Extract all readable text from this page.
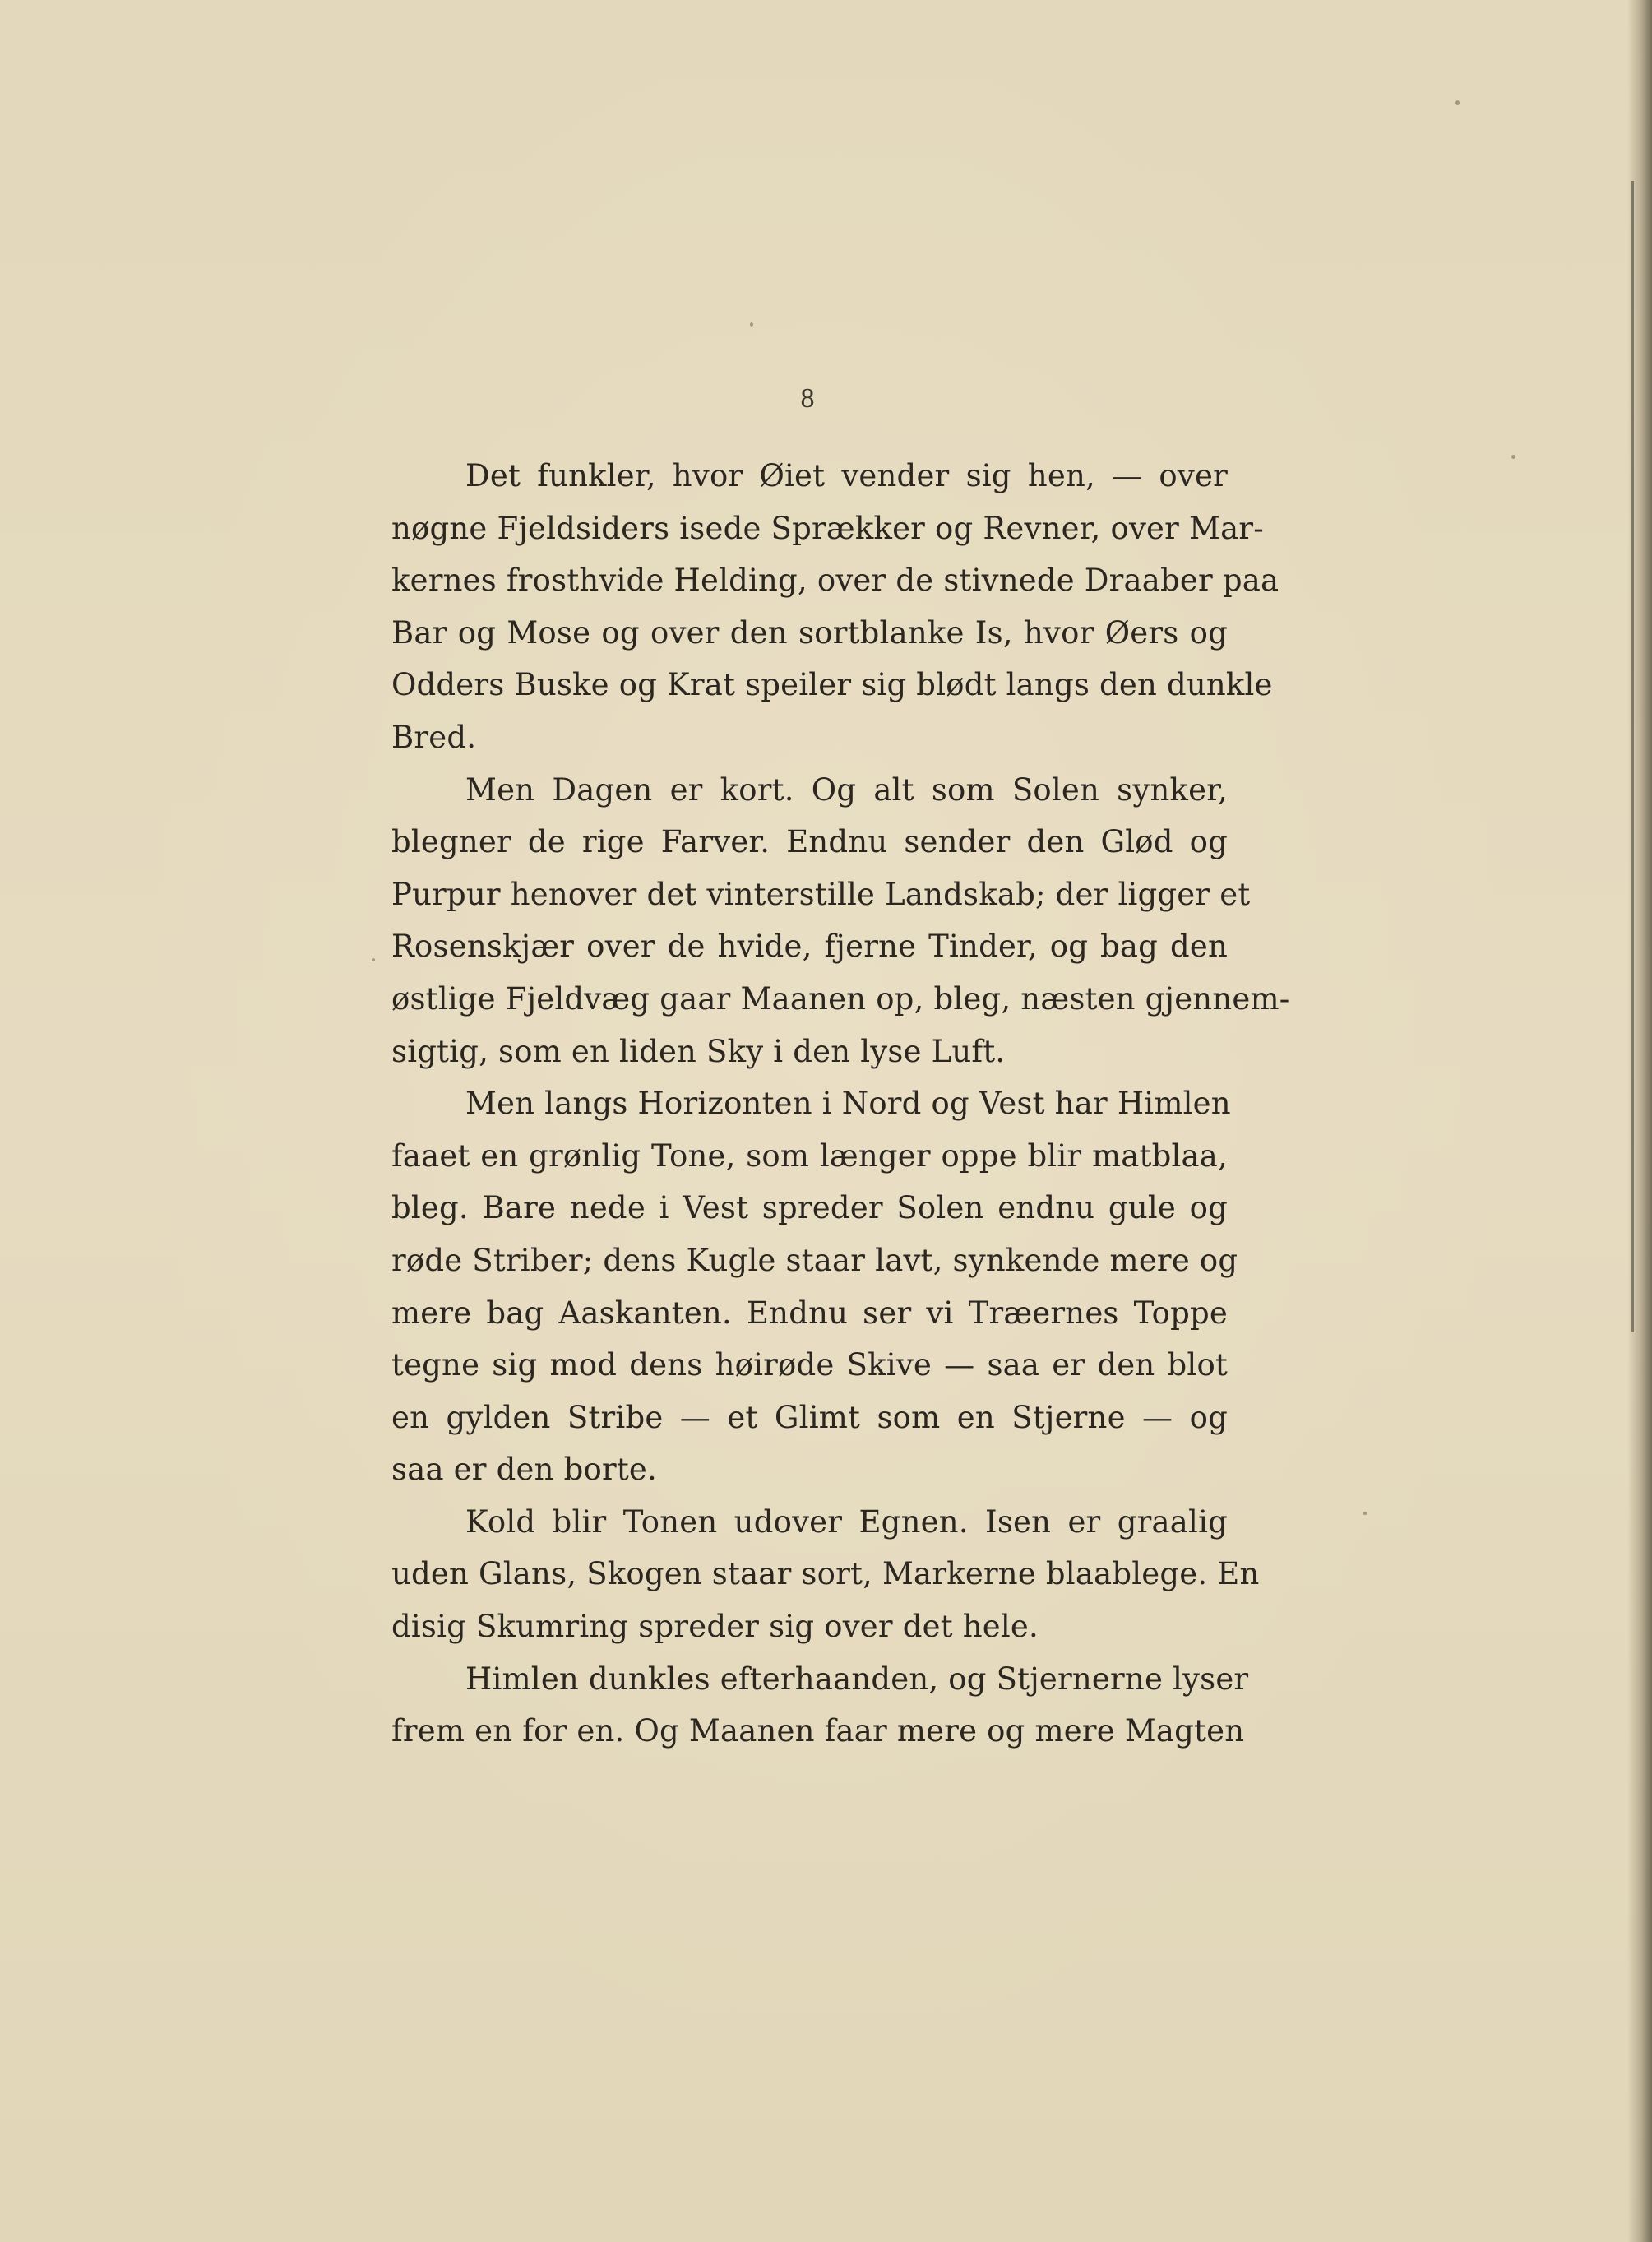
8
Det funkler, hvor Øiet vender sig hen, — over
nøgne Fjeldsiders isede Sprækker og Revner, over Mar-
kernes frosthvide Helding, over de stivnede Draaber paa
Bar og Mose og over den sortblanke Is, hvor Øers og
Odders Buske og Krat speiler sig blødt langs den dunkle
Bred.
Men Dagen er kort. Og alt som Solen synker,
blegner de rige Farver. Endnu sender den Glød og
Purpur henover det vinterstille Landskab; der ligger et
Rosenskjær over de hvide, fjerne Tinder, og bag den
østlige Fjeldvæg gaar Maanen op, bleg, næsten gjennem-
sigtig, som en liden Sky i den lyse Luft.
Men langs Horizonten i Nord og Vest har Himlen
faaet en grønlig Tone, som længer oppe blir matblaa,
bleg. Bare nede i Vest spreder Solen endnu gule og
røde Striber; dens Kugle staar lavt, synkende mere og
mere bag Aaskanten. Endnu ser vi Træernes Toppe
tegne sig mod dens høirøde Skive — saa er den blot
en gylden Stribe — et Glimt som en Stjerne — og
saa er den borte.
Kold blir Tonen udover Egnen. Isen er graalig
uden Glans, Skogen staar sort, Markerne blaablege. En
disig Skumring spreder sig over det hele.
Himlen dunkles efterhaanden, og Stjernerne lyser
frem en for en. Og Maanen faar mere og mere Magten
